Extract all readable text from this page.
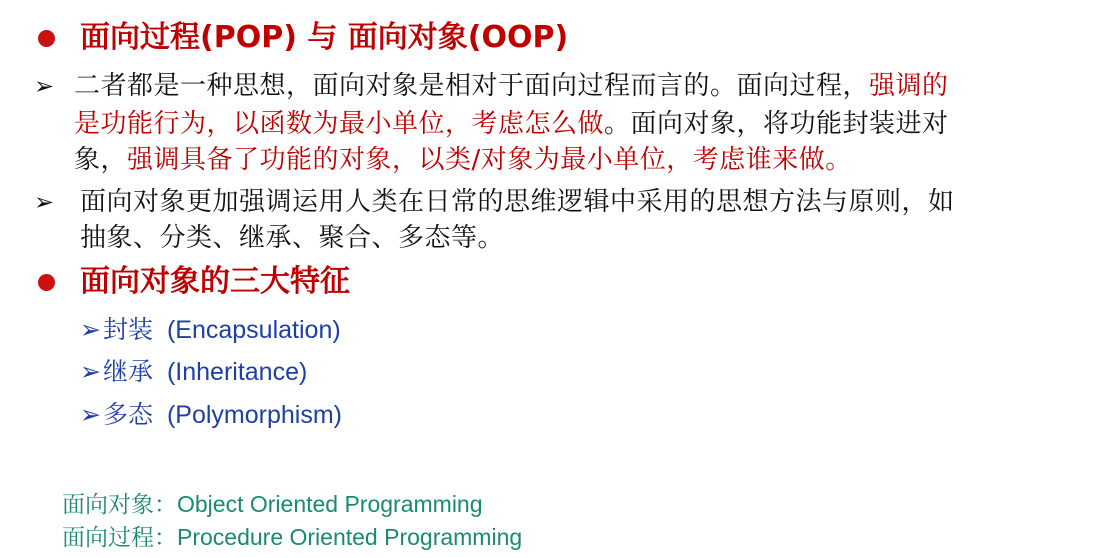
面向过程(POP) 与 面向对象(OOP)
➢ 二者都是一种思想，面向对象是相对于面向过程而言的。面向过程，强调的
是功能行为，以函数为最小单位，考虑怎么做。面向对象，将功能封装进对
象，强调具备了功能的对象，以类/对象为最小单位，考虑谁来做。
➢ 面向对象更加强调运用人类在日常的思维逻辑中采用的思想方法与原则，如
抽象、分类、继承、聚合、多态等。
面向对象的三大特征
➢封装 (Encapsulation)
➢继承 (Inheritance)
➢多态 (Polymorphism)
面向对象：Object Oriented Programming
面向过程：Procedure Oriented Programming
